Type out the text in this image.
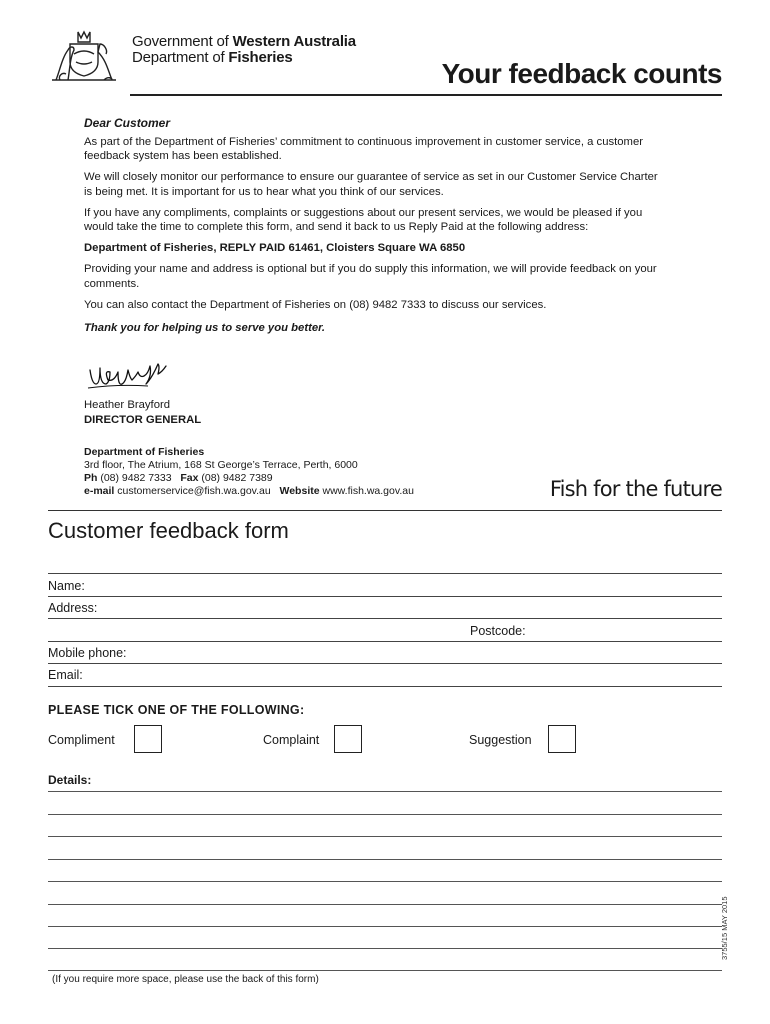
Government of Western Australia
Department of Fisheries
Your feedback counts

Dear Customer

As part of the Department of Fisheries’ commitment to continuous improvement in customer service, a customer feedback system has been established.

We will closely monitor our performance to ensure our guarantee of service as set in our Customer Service Charter is being met. It is important for us to hear what you think of our services.

If you have any compliments, complaints or suggestions about our present services, we would be pleased if you would take the time to complete this form, and send it back to us Reply Paid at the following address:

Department of Fisheries, REPLY PAID 61461, Cloisters Square WA 6850

Providing your name and address is optional but if you do supply this information, we will provide feedback on your comments.

You can also contact the Department of Fisheries on (08) 9482 7333 to discuss our services.

Thank you for helping us to serve you better.

Heather Brayford
DIRECTOR GENERAL
Department of Fisheries
3rd floor, The Atrium, 168 St George’s Terrace, Perth, 6000
Ph (08) 9482 7333 Fax (08) 9482 7389
e-mail customerservice@fish.wa.gov.au Website www.fish.wa.gov.au	Fish for the future
Customer feedback form
Name:
Address:
Postcode:
Mobile phone:
Email:
PLEASE TICK ONE OF THE FOLLOWING:
Compliment	Complaint	Suggestion
Details:
(If you require more space, please use the back of this form)
3755/15 MAY 2015
